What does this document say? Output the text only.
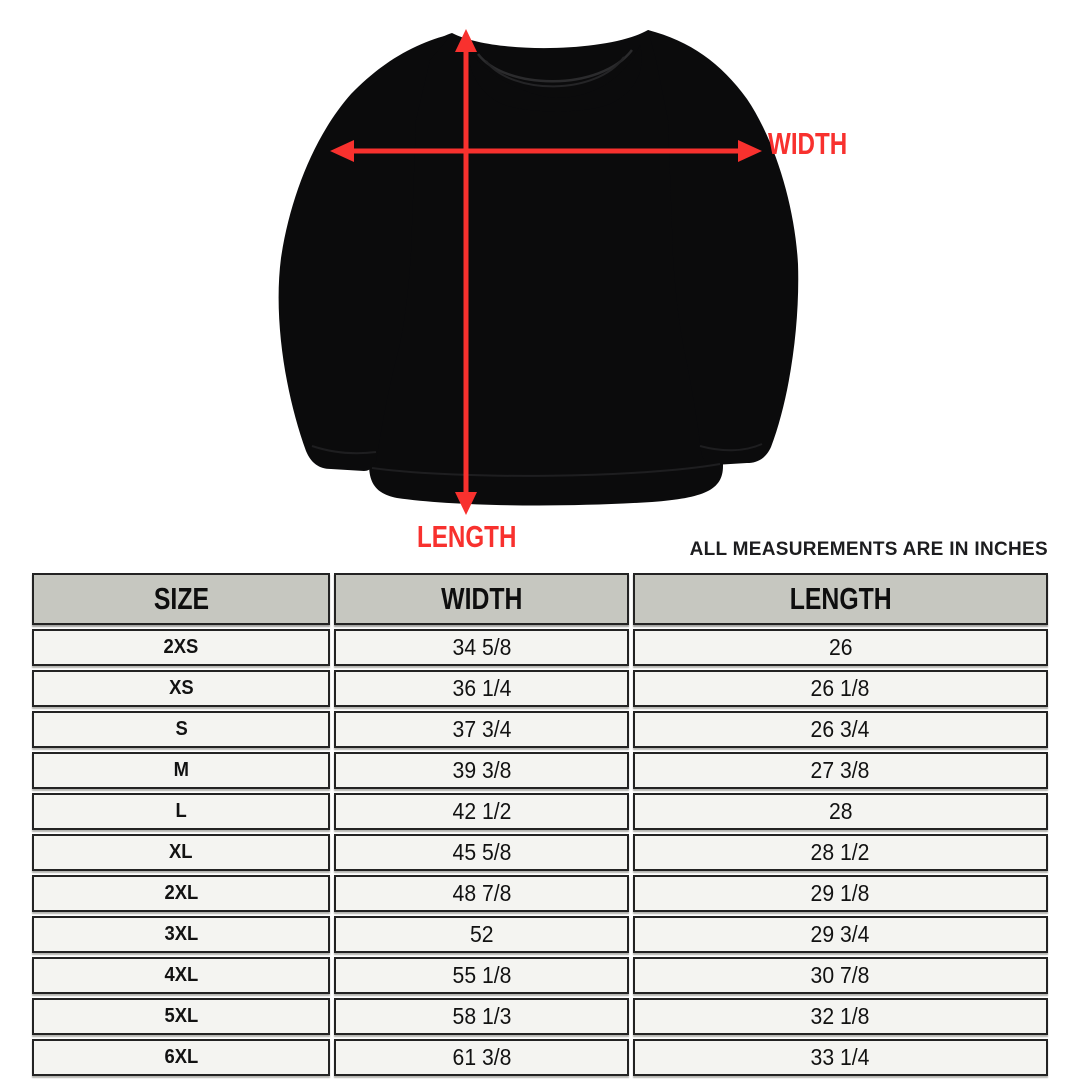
WIDTH
LENGTH	ALL MEASUREMENTS ARE IN INCHES
SIZE	WIDTH	LENGTH
2XS	34 5/8	26
XS	36 1/4	26 1/8
S	37 3/4	26 3/4
M	39 3/8	27 3/8
L	42 1/2	28
XL	45 5/8	28 1/2
2XL	48 7/8	29 1/8
3XL	52	29 3/4
4XL	55 1/8	30 7/8
5XL	58 1/3	32 1/8
6XL	61 3/8	33 1/4
